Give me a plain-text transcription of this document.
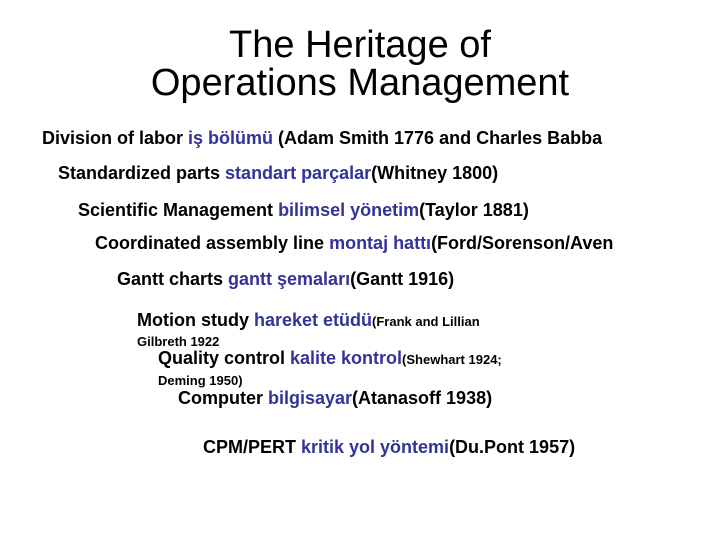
The Heritage of
Operations Management
Division of labor iş bölümü (Adam Smith 1776 and Charles Babba
Standardized parts standart parçalar(Whitney 1800)
Scientific Management bilimsel yönetim(Taylor 1881)
Coordinated assembly line montaj hattı(Ford/Sorenson/Aven
Gantt charts gantt şemaları(Gantt 1916)
Motion study hareket etüdü(Frank and Lillian
Gilbreth 1922
Quality control kalite kontrol(Shewhart 1924;
Deming 1950)
Computer bilgisayar(Atanasoff 1938)
CPM/PERT kritik yol yöntemi(Du.Pont 1957)
